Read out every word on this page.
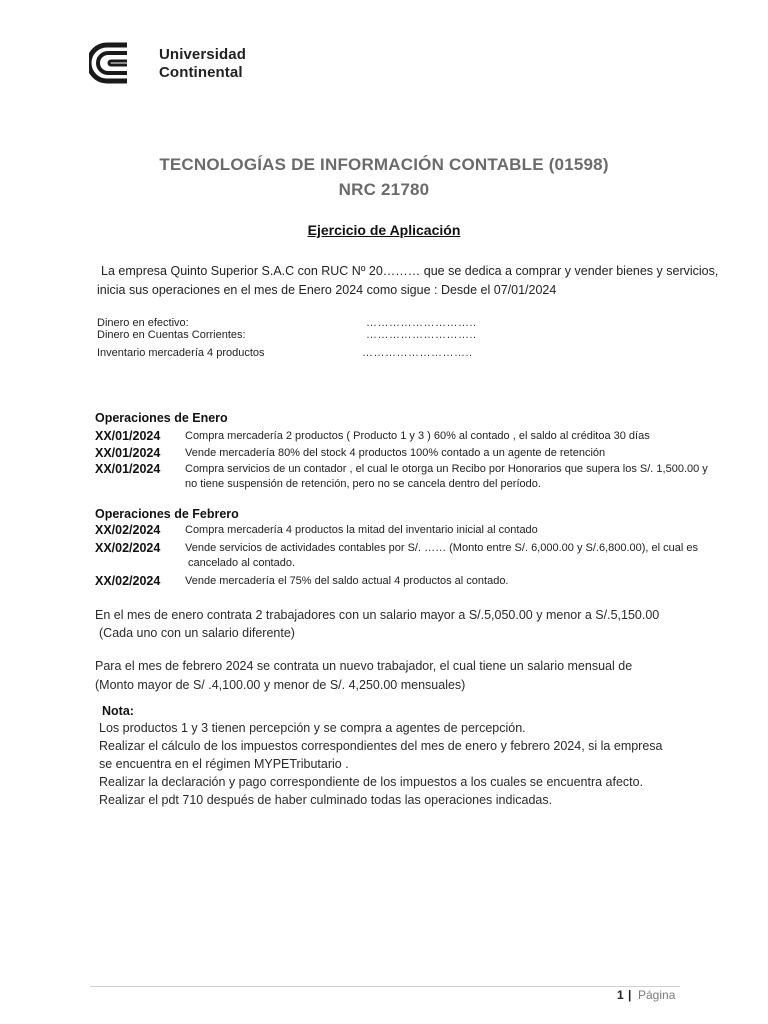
Universidad
Continental
TECNOLOGÍAS DE INFORMACIÓN CONTABLE (01598)
NRC 21780
Ejercicio de Aplicación
La empresa Quinto Superior S.A.C con RUC Nº 20……… que se dedica a comprar y vender bienes y servicios,
inicia sus operaciones en el mes de Enero 2024 como sigue : Desde el 07/01/2024
Dinero en efectivo:	………………………..
Dinero en Cuentas Corrientes:	………………………..
Inventario mercadería 4 productos	………………………..
Operaciones de Enero
XX/01/2024 Compra mercadería 2 productos ( Producto 1 y 3 ) 60% al contado , el saldo al créditoa 30 días
XX/01/2024 Vende mercadería 80% del stock 4 productos 100% contado a un agente de retención
XX/01/2024 Compra servicios de un contador , el cual le otorga un Recibo por Honorarios que supera los S/. 1,500.00 y
no tiene suspensión de retención, pero no se cancela dentro del período.
Operaciones de Febrero
XX/02/2024 Compra mercadería 4 productos la mitad del inventario inicial al contado
XX/02/2024 Vende servicios de actividades contables por S/. …… (Monto entre S/. 6,000.00 y S/.6,800.00), el cual es
cancelado al contado.
XX/02/2024 Vende mercadería el 75% del saldo actual 4 productos al contado.
En el mes de enero contrata 2 trabajadores con un salario mayor a S/.5,050.00 y menor a S/.5,150.00
(Cada uno con un salario diferente)
Para el mes de febrero 2024 se contrata un nuevo trabajador, el cual tiene un salario mensual de
(Monto mayor de S/ .4,100.00 y menor de S/. 4,250.00 mensuales)
Nota:
Los productos 1 y 3 tienen percepción y se compra a agentes de percepción.
Realizar el cálculo de los impuestos correspondientes del mes de enero y febrero 2024, si la empresa
se encuentra en el régimen MYPETributario .
Realizar la declaración y pago correspondiente de los impuestos a los cuales se encuentra afecto.
Realizar el pdt 710 después de haber culminado todas las operaciones indicadas.
1 | Página
